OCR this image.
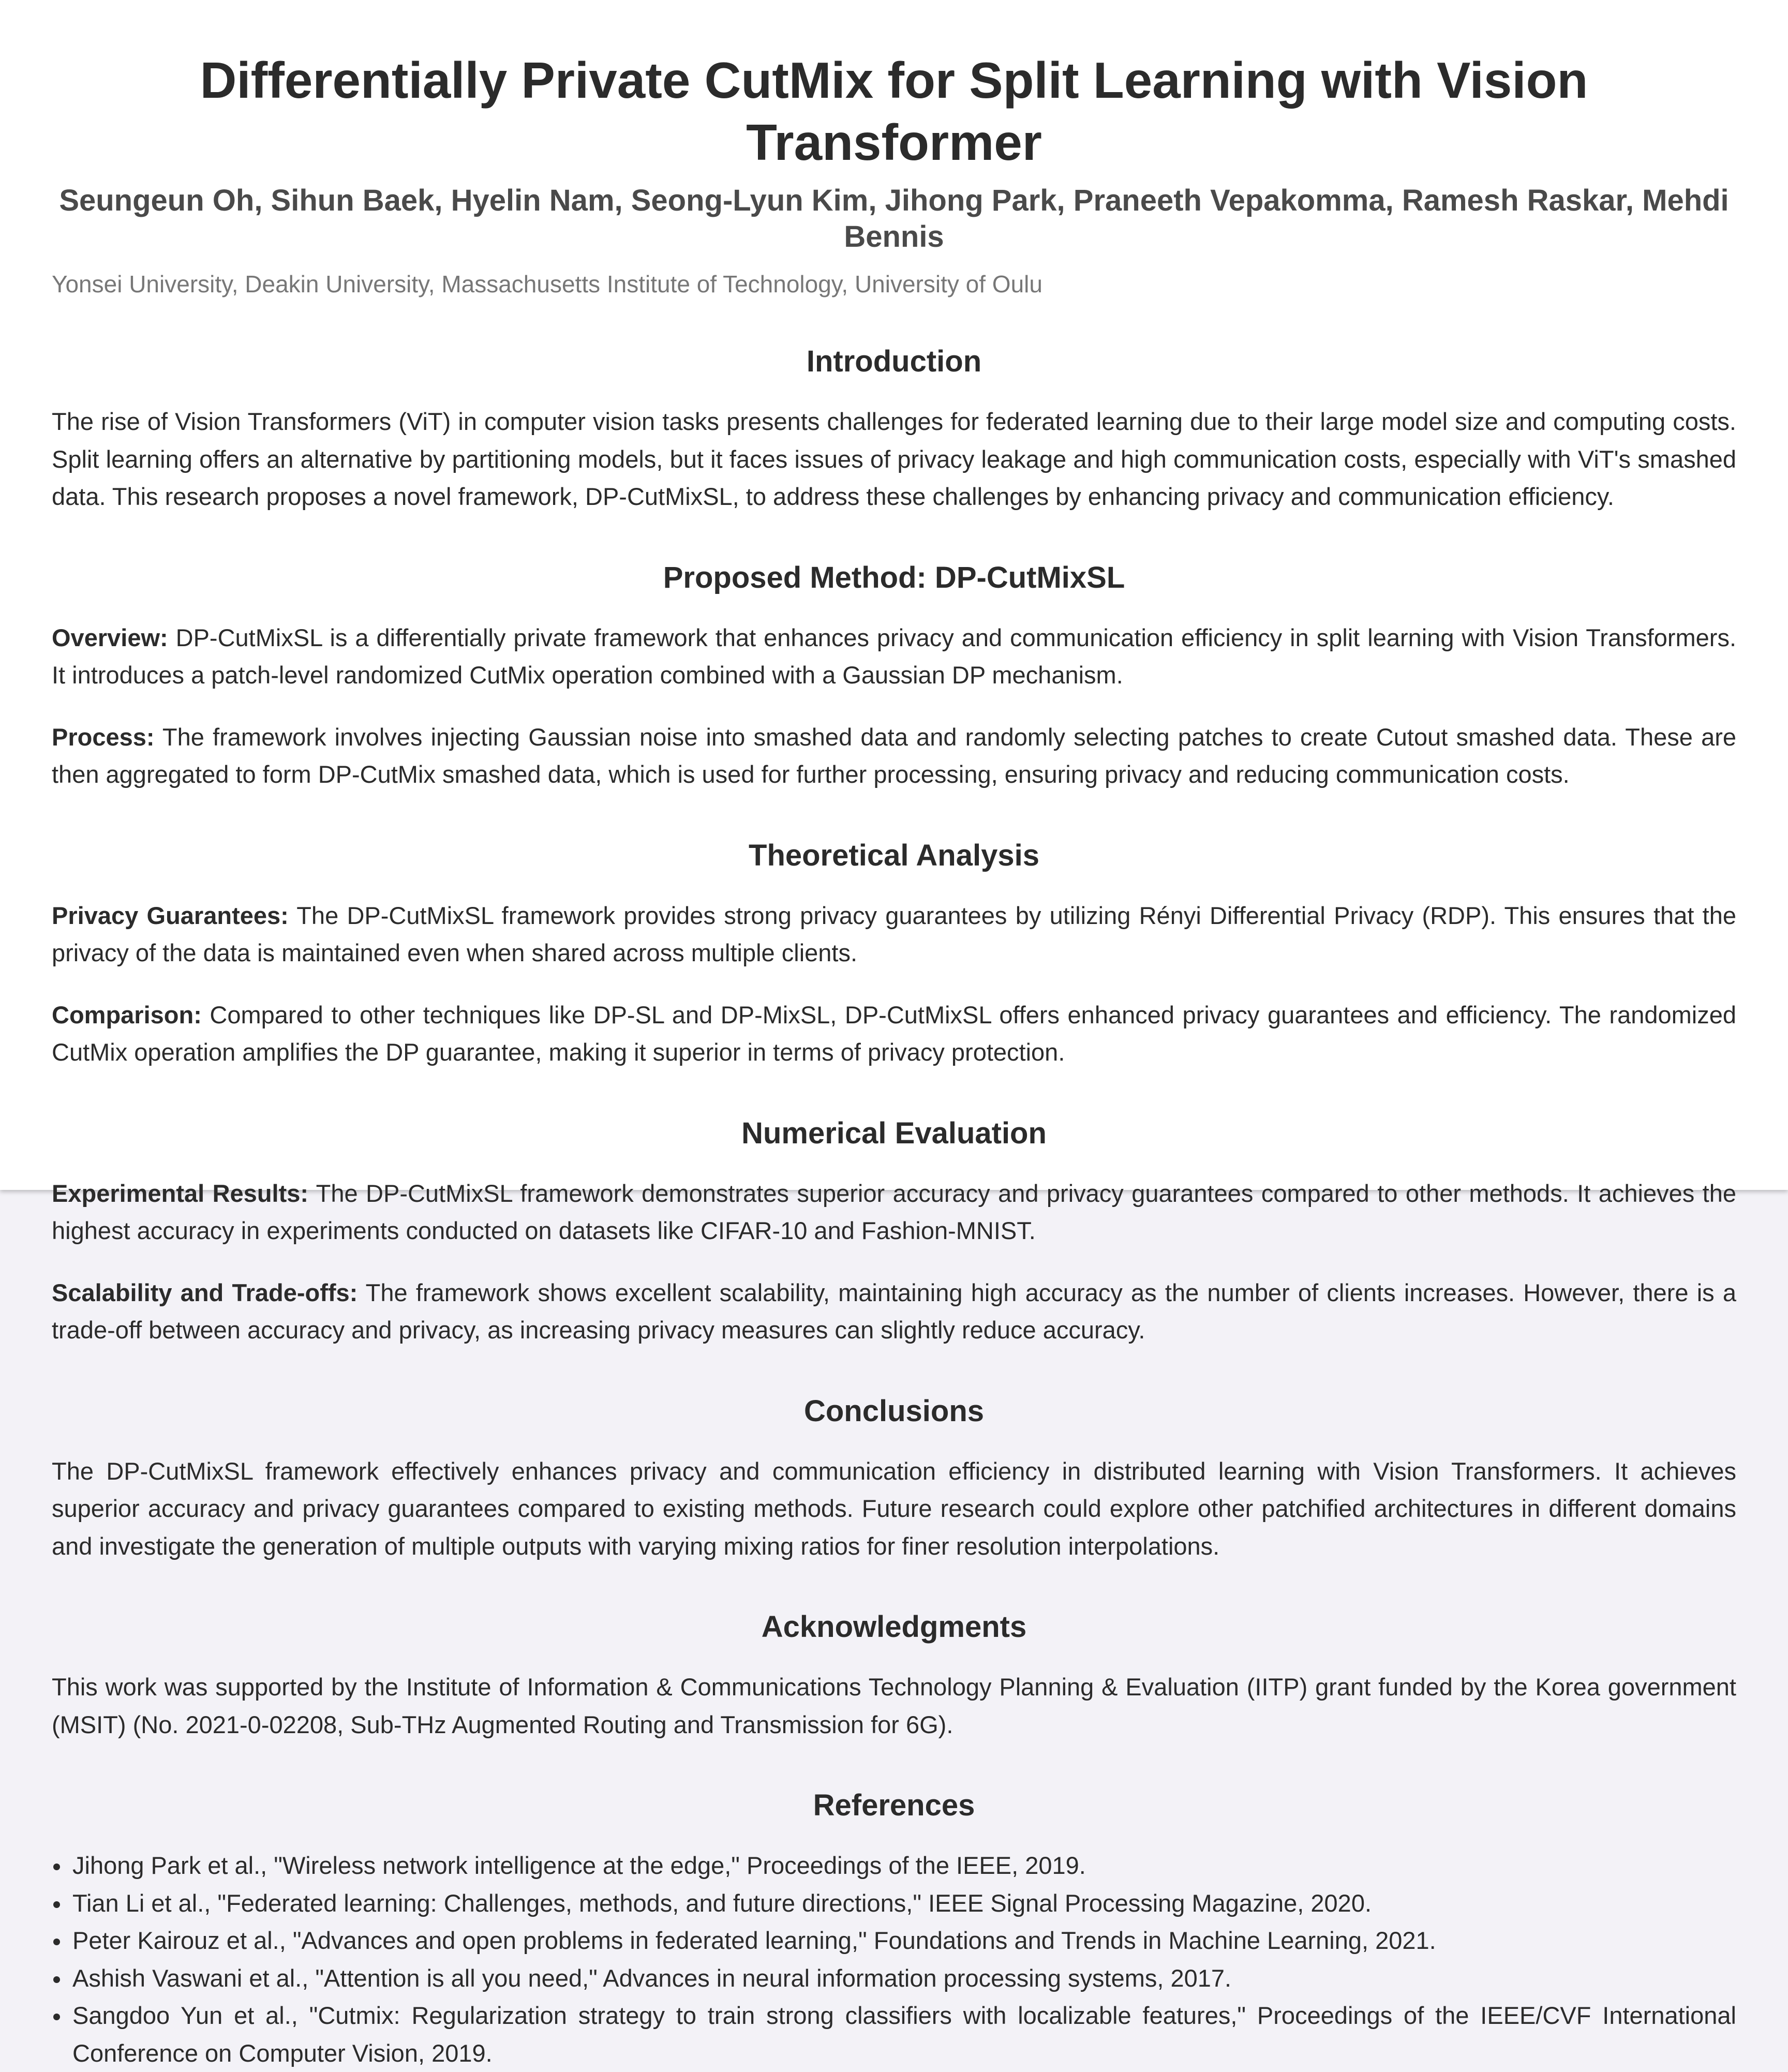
Differentially Private CutMix for Split Learning with Vision Transformer
Seungeun Oh, Sihun Baek, Hyelin Nam, Seong-Lyun Kim, Jihong Park, Praneeth Vepakomma, Ramesh Raskar, Mehdi Bennis
Yonsei University, Deakin University, Massachusetts Institute of Technology, University of Oulu
Introduction

The rise of Vision Transformers (ViT) in computer vision tasks presents challenges for federated learning due to their large model size and computing costs. Split learning offers an alternative by partitioning models, but it faces issues of privacy leakage and high communication costs, especially with ViT's smashed data. This research proposes a novel framework, DP-CutMixSL, to address these challenges by enhancing privacy and communication efficiency.

Proposed Method: DP-CutMixSL

Overview: DP-CutMixSL is a differentially private framework that enhances privacy and communication efficiency in split learning with Vision Transformers. It introduces a patch-level randomized CutMix operation combined with a Gaussian DP mechanism.

Process: The framework involves injecting Gaussian noise into smashed data and randomly selecting patches to create Cutout smashed data. These are then aggregated to form DP-CutMix smashed data, which is used for further processing, ensuring privacy and reducing communication costs.

Theoretical Analysis

Privacy Guarantees: The DP-CutMixSL framework provides strong privacy guarantees by utilizing Rényi Differential Privacy (RDP). This ensures that the privacy of the data is maintained even when shared across multiple clients.

Comparison: Compared to other techniques like DP-SL and DP-MixSL, DP-CutMixSL offers enhanced privacy guarantees and efficiency. The randomized CutMix operation amplifies the DP guarantee, making it superior in terms of privacy protection.

Numerical Evaluation

Experimental Results: The DP-CutMixSL framework demonstrates superior accuracy and privacy guarantees compared to other methods. It achieves the highest accuracy in experiments conducted on datasets like CIFAR-10 and Fashion-MNIST.

Scalability and Trade-offs: The framework shows excellent scalability, maintaining high accuracy as the number of clients increases. However, there is a trade-off between accuracy and privacy, as increasing privacy measures can slightly reduce accuracy.

Conclusions

The DP-CutMixSL framework effectively enhances privacy and communication efficiency in distributed learning with Vision Transformers. It achieves superior accuracy and privacy guarantees compared to existing methods. Future research could explore other patchified architectures in different domains and investigate the generation of multiple outputs with varying mixing ratios for finer resolution interpolations.

Acknowledgments

This work was supported by the Institute of Information & Communications Technology Planning & Evaluation (IITP) grant funded by the Korea government (MSIT) (No. 2021-0-02208, Sub-THz Augmented Routing and Transmission for 6G).

References
Jihong Park et al., "Wireless network intelligence at the edge," Proceedings of the IEEE, 2019.
Tian Li et al., "Federated learning: Challenges, methods, and future directions," IEEE Signal Processing Magazine, 2020.
Peter Kairouz et al., "Advances and open problems in federated learning," Foundations and Trends in Machine Learning, 2021.
Ashish Vaswani et al., "Attention is all you need," Advances in neural information processing systems, 2017.
Sangdoo Yun et al., "Cutmix: Regularization strategy to train strong classifiers with localizable features," Proceedings of the IEEE/CVF International Conference on Computer Vision, 2019.
